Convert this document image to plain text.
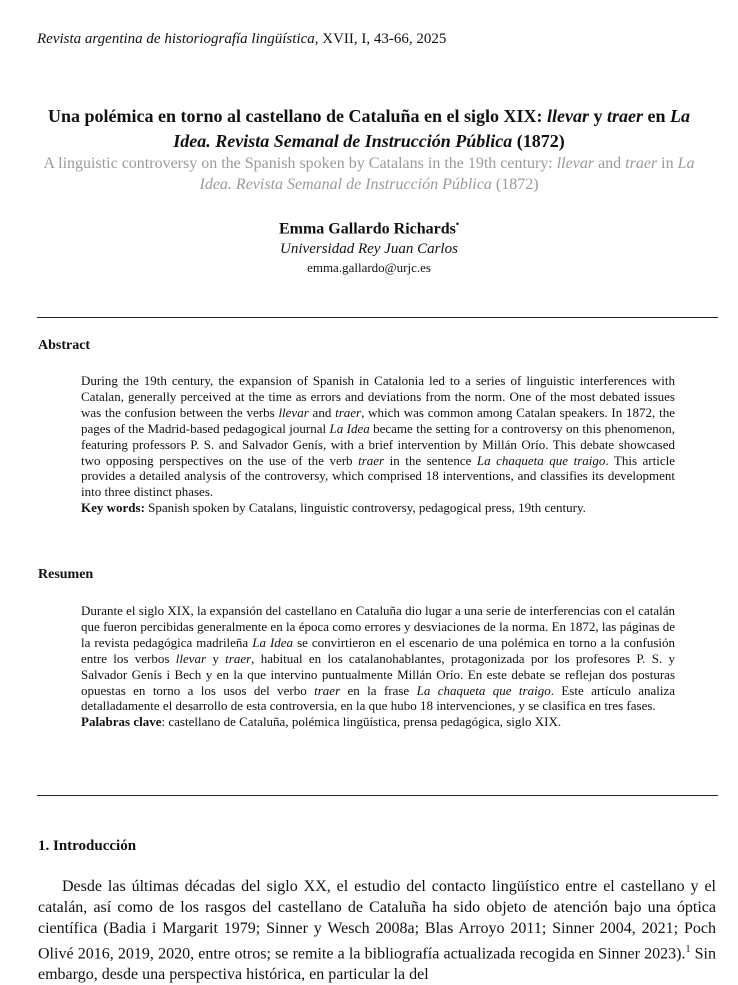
Revista argentina de historiografía lingüística, XVII, I, 43-66, 2025
Una polémica en torno al castellano de Cataluña en el siglo XIX: llevar y traer en La Idea. Revista Semanal de Instrucción Pública (1872)
A linguistic controversy on the Spanish spoken by Catalans in the 19th century: llevar and traer in La Idea. Revista Semanal de Instrucción Pública (1872)
Emma Gallardo Richards•
Universidad Rey Juan Carlos
emma.gallardo@urjc.es
Abstract
During the 19th century, the expansion of Spanish in Catalonia led to a series of linguistic interferences with Catalan, generally perceived at the time as errors and deviations from the norm. One of the most debated issues was the confusion between the verbs llevar and traer, which was common among Catalan speakers. In 1872, the pages of the Madrid-based pedagogical journal La Idea became the setting for a controversy on this phenomenon, featuring professors P. S. and Salvador Genís, with a brief intervention by Millán Orío. This debate showcased two opposing perspectives on the use of the verb traer in the sentence La chaqueta que traigo. This article provides a detailed analysis of the controversy, which comprised 18 interventions, and classifies its development into three distinct phases.
Key words: Spanish spoken by Catalans, linguistic controversy, pedagogical press, 19th century.
Resumen
Durante el siglo XIX, la expansión del castellano en Cataluña dio lugar a una serie de interferencias con el catalán que fueron percibidas generalmente en la época como errores y desviaciones de la norma. En 1872, las páginas de la revista pedagógica madrileña La Idea se convirtieron en el escenario de una polémica en torno a la confusión entre los verbos llevar y traer, habitual en los catalanohablantes, protagonizada por los profesores P. S. y Salvador Genís i Bech y en la que intervino puntualmente Millán Orío. En este debate se reflejan dos posturas opuestas en torno a los usos del verbo traer en la frase La chaqueta que traigo. Este artículo analiza detalladamente el desarrollo de esta controversia, en la que hubo 18 intervenciones, y se clasifica en tres fases.
Palabras clave: castellano de Cataluña, polémica lingüística, prensa pedagógica, siglo XIX.
1. Introducción
Desde las últimas décadas del siglo XX, el estudio del contacto lingüístico entre el castellano y el catalán, así como de los rasgos del castellano de Cataluña ha sido objeto de atención bajo una óptica científica (Badia i Margarit 1979; Sinner y Wesch 2008a; Blas Arroyo 2011; Sinner 2004, 2021; Poch Olivé 2016, 2019, 2020, entre otros; se remite a la bibliografía actualizada recogida en Sinner 2023).$^1$ Sin embargo, desde una perspectiva histórica, en particular la del
